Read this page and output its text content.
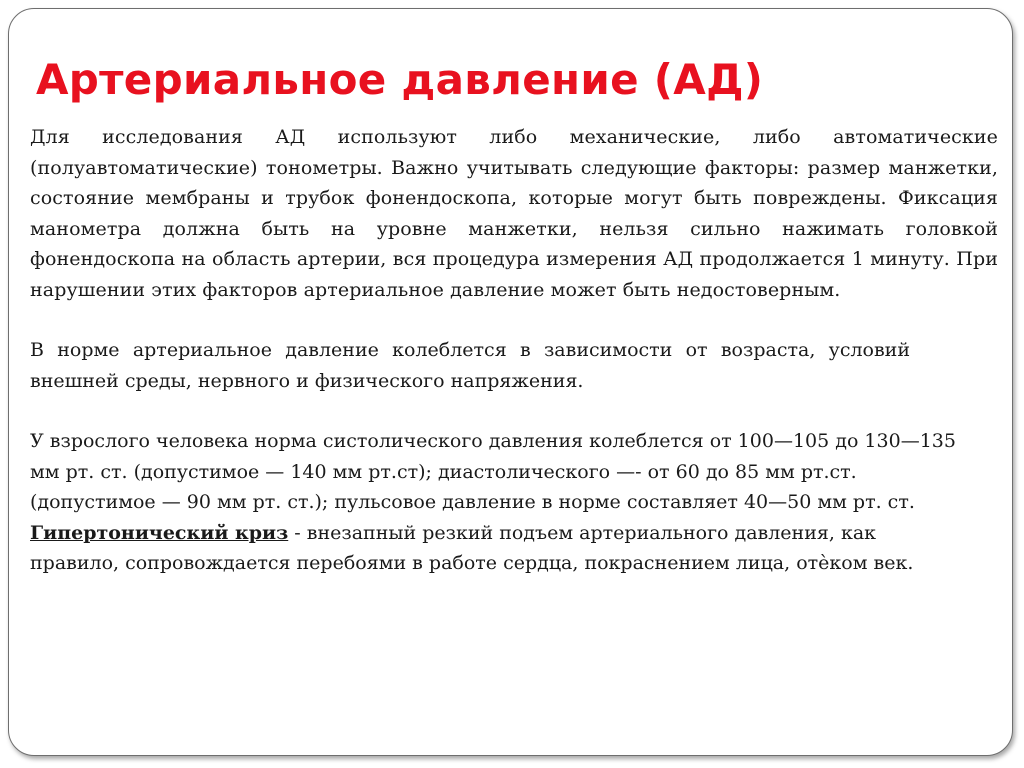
Артериальное давление (АД)

Для исследования АД используют либо механические, либо автоматические (полуавтоматические) тонометры. Важно учитывать следующие факторы: размер манжетки, состояние мембраны и трубок фонендоскопа, которые могут быть повреждены. Фиксация манометра должна быть на уровне манжетки, нельзя сильно нажимать головкой фонендоскопа на область артерии, вся процедура измерения АД продолжается 1 минуту. При нарушении этих факторов артериальное давление может быть недостоверным.

В норме артериальное давление колеблется в зависимости от возраста, условий внешней среды, нервного и физического напряжения.

У взрослого человека норма систолического давления колеблется от 100—105 до 130—135 мм рт. ст. (допустимое — 140 мм рт.ст); диастолического —- от 60 до 85 мм рт.ст. (допустимое — 90 мм рт. ст.); пульсовое давление в норме составляет 40—50 мм рт. ст.

Гипертонический криз - внезапный резкий подъем артериального давления, как правило, сопровождается перебоями в работе сердца, покраснением лица, отѐком век.
